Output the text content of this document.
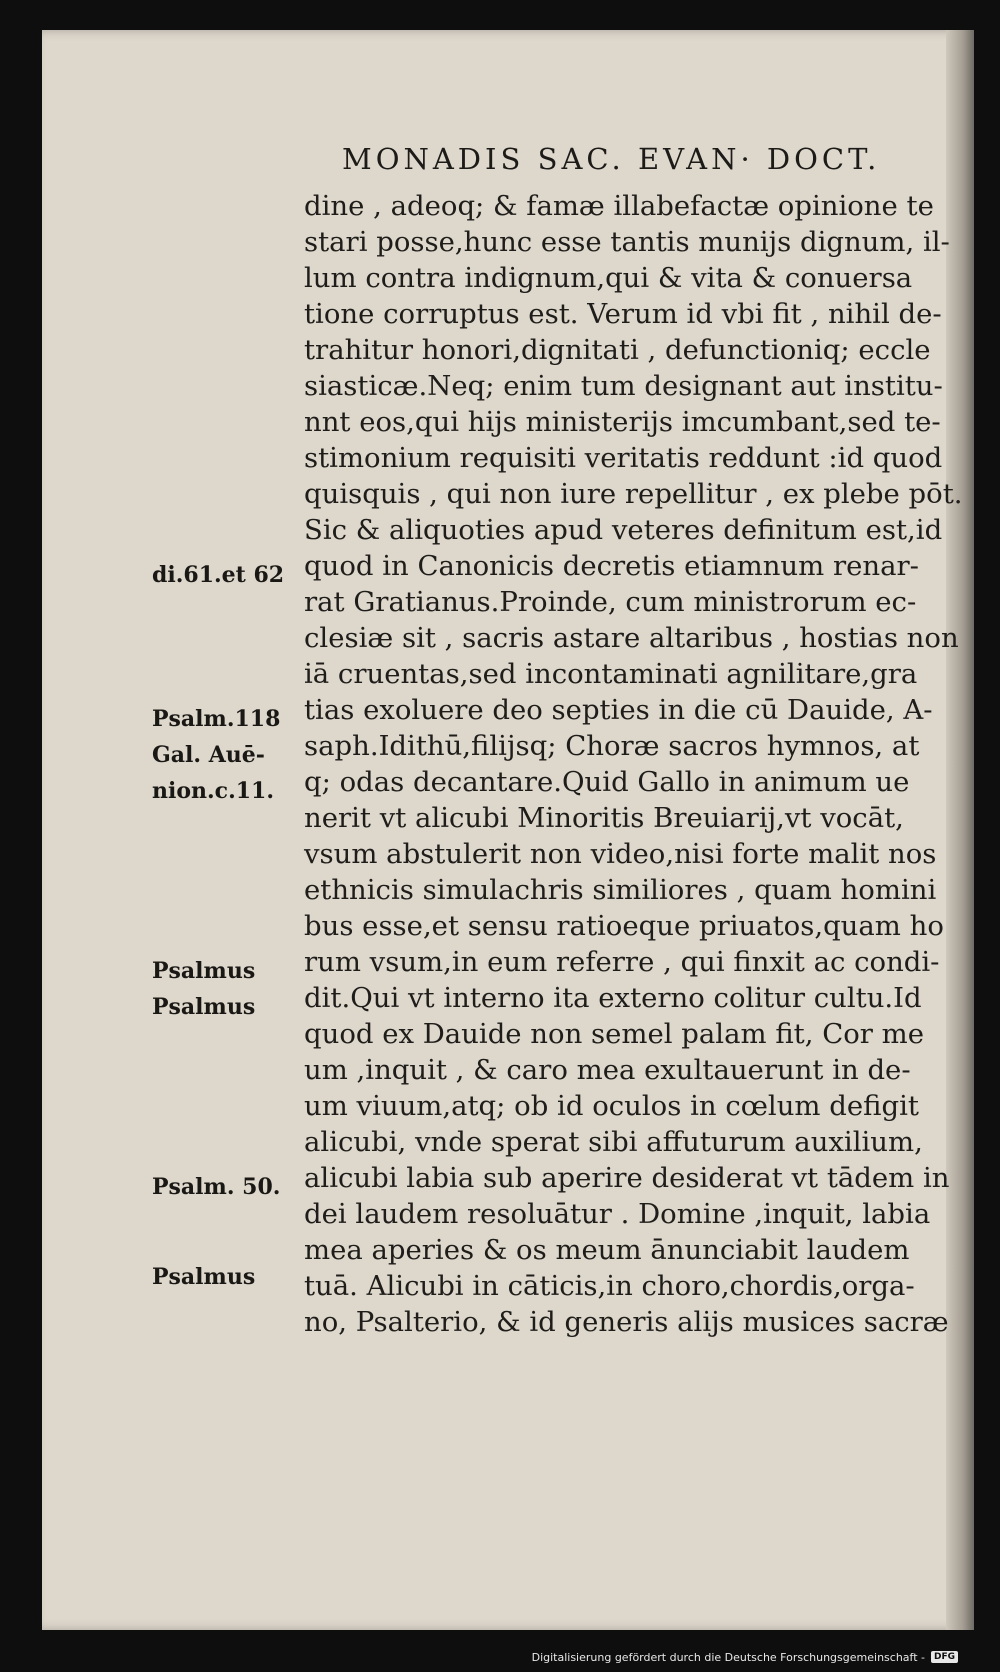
MONADIS SAC. EVAN· DOCT.
dine , adeoq; & famæ illabefactæ opinione te
stari posse,hunc esse tantis munijs dignum, il-
lum contra indignum,qui & vita & conuersa
tione corruptus est. Verum id vbi fit , nihil de-
trahitur honori,dignitati , defunctioniq; eccle
siasticæ.Neq; enim tum designant aut institu-
nnt eos,qui hijs ministerijs imcumbant,sed te-
stimonium requisiti veritatis reddunt :id quod
quisquis , qui non iure repellitur , ex plebe pōt.
Sic & aliquoties apud veteres definitum est,id
quod in Canonicis decretis etiamnum renar-
rat Gratianus.Proinde, cum ministrorum ec-
clesiæ sit , sacris astare altaribus , hostias non
iā cruentas,sed incontaminati agnilitare,gra
tias exoluere deo septies in die cū Dauide, A-
saph.Idithū,filijsq; Choræ sacros hymnos, at
q; odas decantare.Quid Gallo in animum ue
nerit vt alicubi Minoritis Breuiarij,vt vocāt,
vsum abstulerit non video,nisi forte malit nos
ethnicis simulachris similiores , quam homini
bus esse,et sensu ratioeque priuatos,quam ho
rum vsum,in eum referre , qui finxit ac condi-
dit.Qui vt interno ita externo colitur cultu.Id
quod ex Dauide non semel palam fit, Cor me
um ,inquit , & caro mea exultauerunt in de-
um viuum,atq; ob id oculos in cœlum defigit
alicubi, vnde sperat sibi affuturum auxilium,
alicubi labia sub aperire desiderat vt tādem in
dei laudem resoluātur . Domine ,inquit, labia
mea aperies & os meum ānunciabit laudem
tuā. Alicubi in cāticis,in choro,chordis,orga-
no, Psalterio, & id generis alijs musices sacræ
di.61.et 62
Psalm.118
Gal. Auē-
nion.c.11.
Psalmus
Psalmus
Psalm. 50.
Psalmus
Digitalisierung gefördert durch die Deutsche Forschungsgemeinschaft -	DFG
